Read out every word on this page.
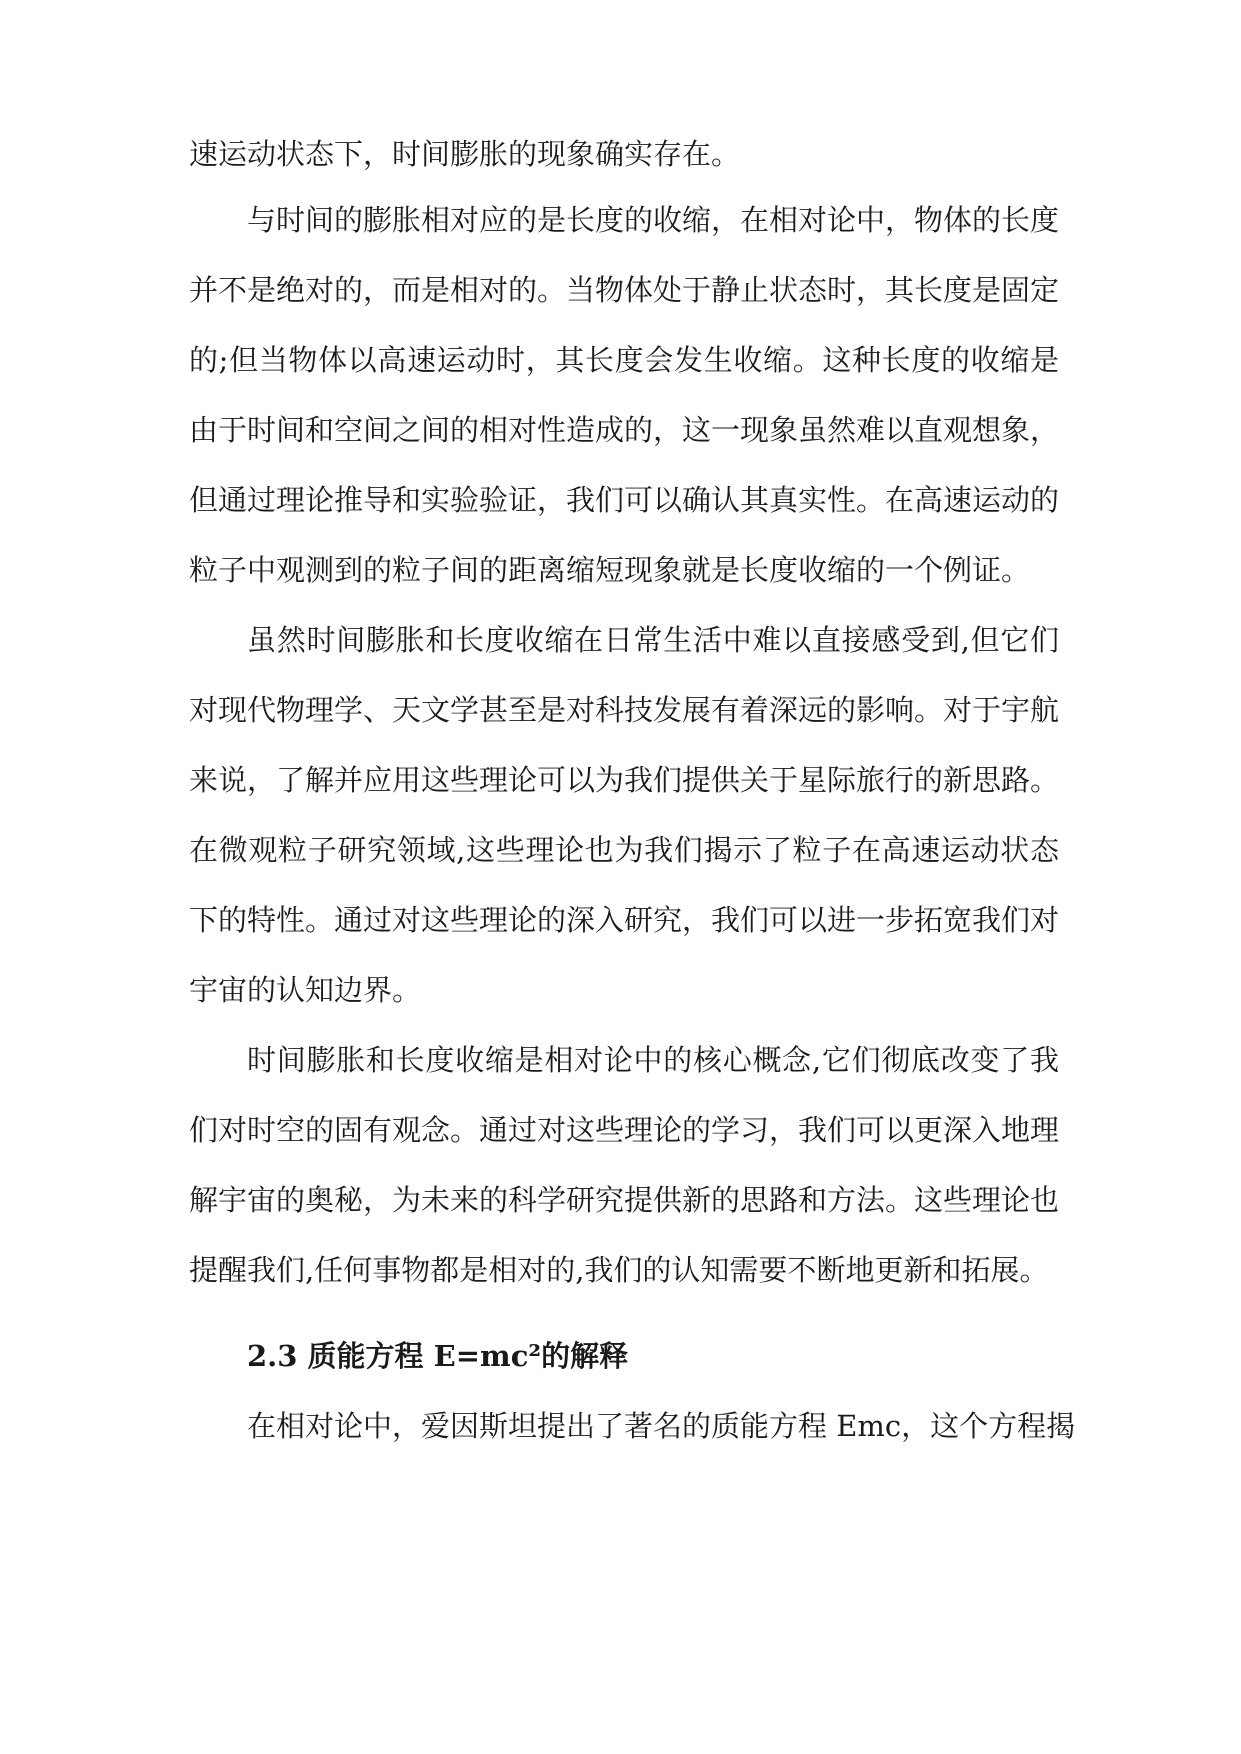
速运动状态下，时间膨胀的现象确实存在。
与时间的膨胀相对应的是长度的收缩，在相对论中，物体的长度
并不是绝对的，而是相对的。当物体处于静止状态时，其长度是固定
的;但当物体以高速运动时，其长度会发生收缩。这种长度的收缩是
由于时间和空间之间的相对性造成的，这一现象虽然难以直观想象，
但通过理论推导和实验验证，我们可以确认其真实性。在高速运动的
粒子中观测到的粒子间的距离缩短现象就是长度收缩的一个例证。
虽然时间膨胀和长度收缩在日常生活中难以直接感受到,但它们
对现代物理学、天文学甚至是对科技发展有着深远的影响。对于宇航
来说，了解并应用这些理论可以为我们提供关于星际旅行的新思路。
在微观粒子研究领域,这些理论也为我们揭示了粒子在高速运动状态
下的特性。通过对这些理论的深入研究，我们可以进一步拓宽我们对
宇宙的认知边界。
时间膨胀和长度收缩是相对论中的核心概念,它们彻底改变了我
们对时空的固有观念。通过对这些理论的学习，我们可以更深入地理
解宇宙的奥秘，为未来的科学研究提供新的思路和方法。这些理论也
提醒我们,任何事物都是相对的,我们的认知需要不断地更新和拓展。
2.3 质能方程 E=mc²的解释
在相对论中，爱因斯坦提出了著名的质能方程 Emc，这个方程揭
